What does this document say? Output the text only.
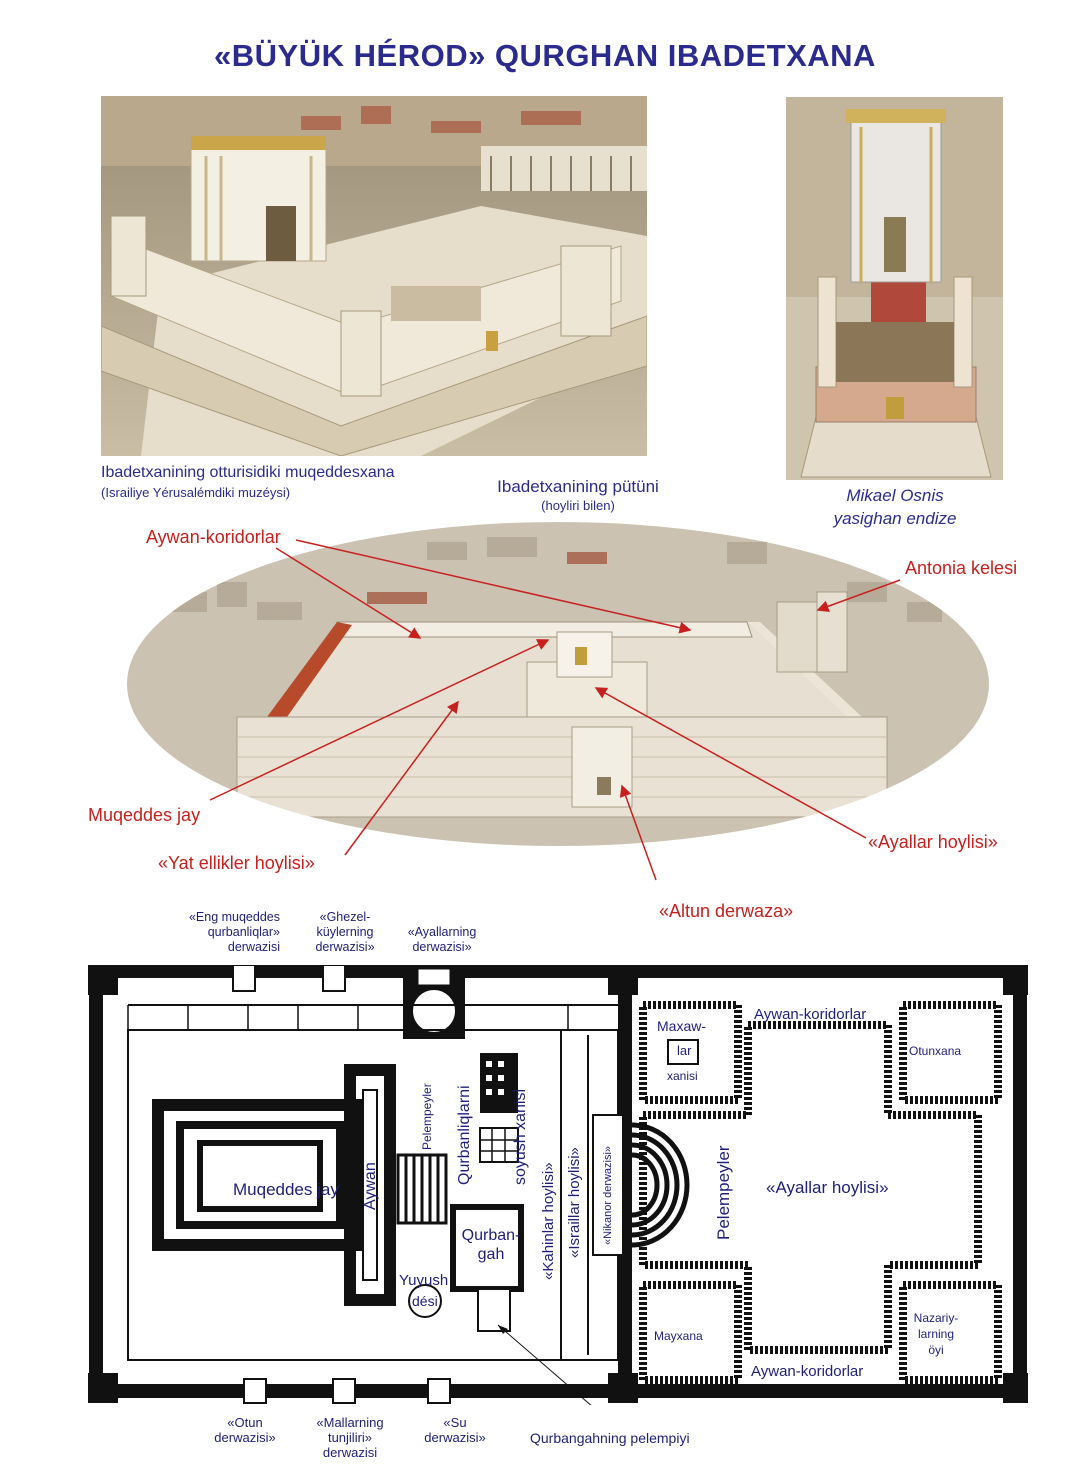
«BÜYÜK HÉROD» QURGHAN IBADETXANA
Ibadetxanining otturisidiki muqeddesxana
(Israiliye Yérusalémdiki muzéysi)	Mikael Osnis
yasighan endize
Ibadetxanining pütüni
(hoyliri bilen)
Aywan-koridorlar
Antonia kelesi
Muqeddes jay
«Ayallar hoylisi»
«Yat ellikler hoylisi»
«Altun derwaza»
«Eng muqeddes
qurbanliqlar»
derwazisi
«Ghezel-
küylerning
derwazisi»
«Ayallarning
derwazisi»
Muqeddes jay Aywan
Pelempeyler Qurbanliqlarni soyush xanisi
Qurban-
gah
Yuyush
dési
«Kahinlar hoylisi» «Israillar hoylisi» «Nikanor derwazisi»	Pelempeyler «Ayallar hoylisi»
Aywan-koridorlar
Aywan-koridorlar
Maxaw-
lar
xanisi
Otunxana
Mayxana
Nazariy-
larning
öyi
«Otun
derwazisi»
«Mallarning
tunjiliri»
derwazisi
«Su
derwazisi»	Qurbangahning pelempiyi
